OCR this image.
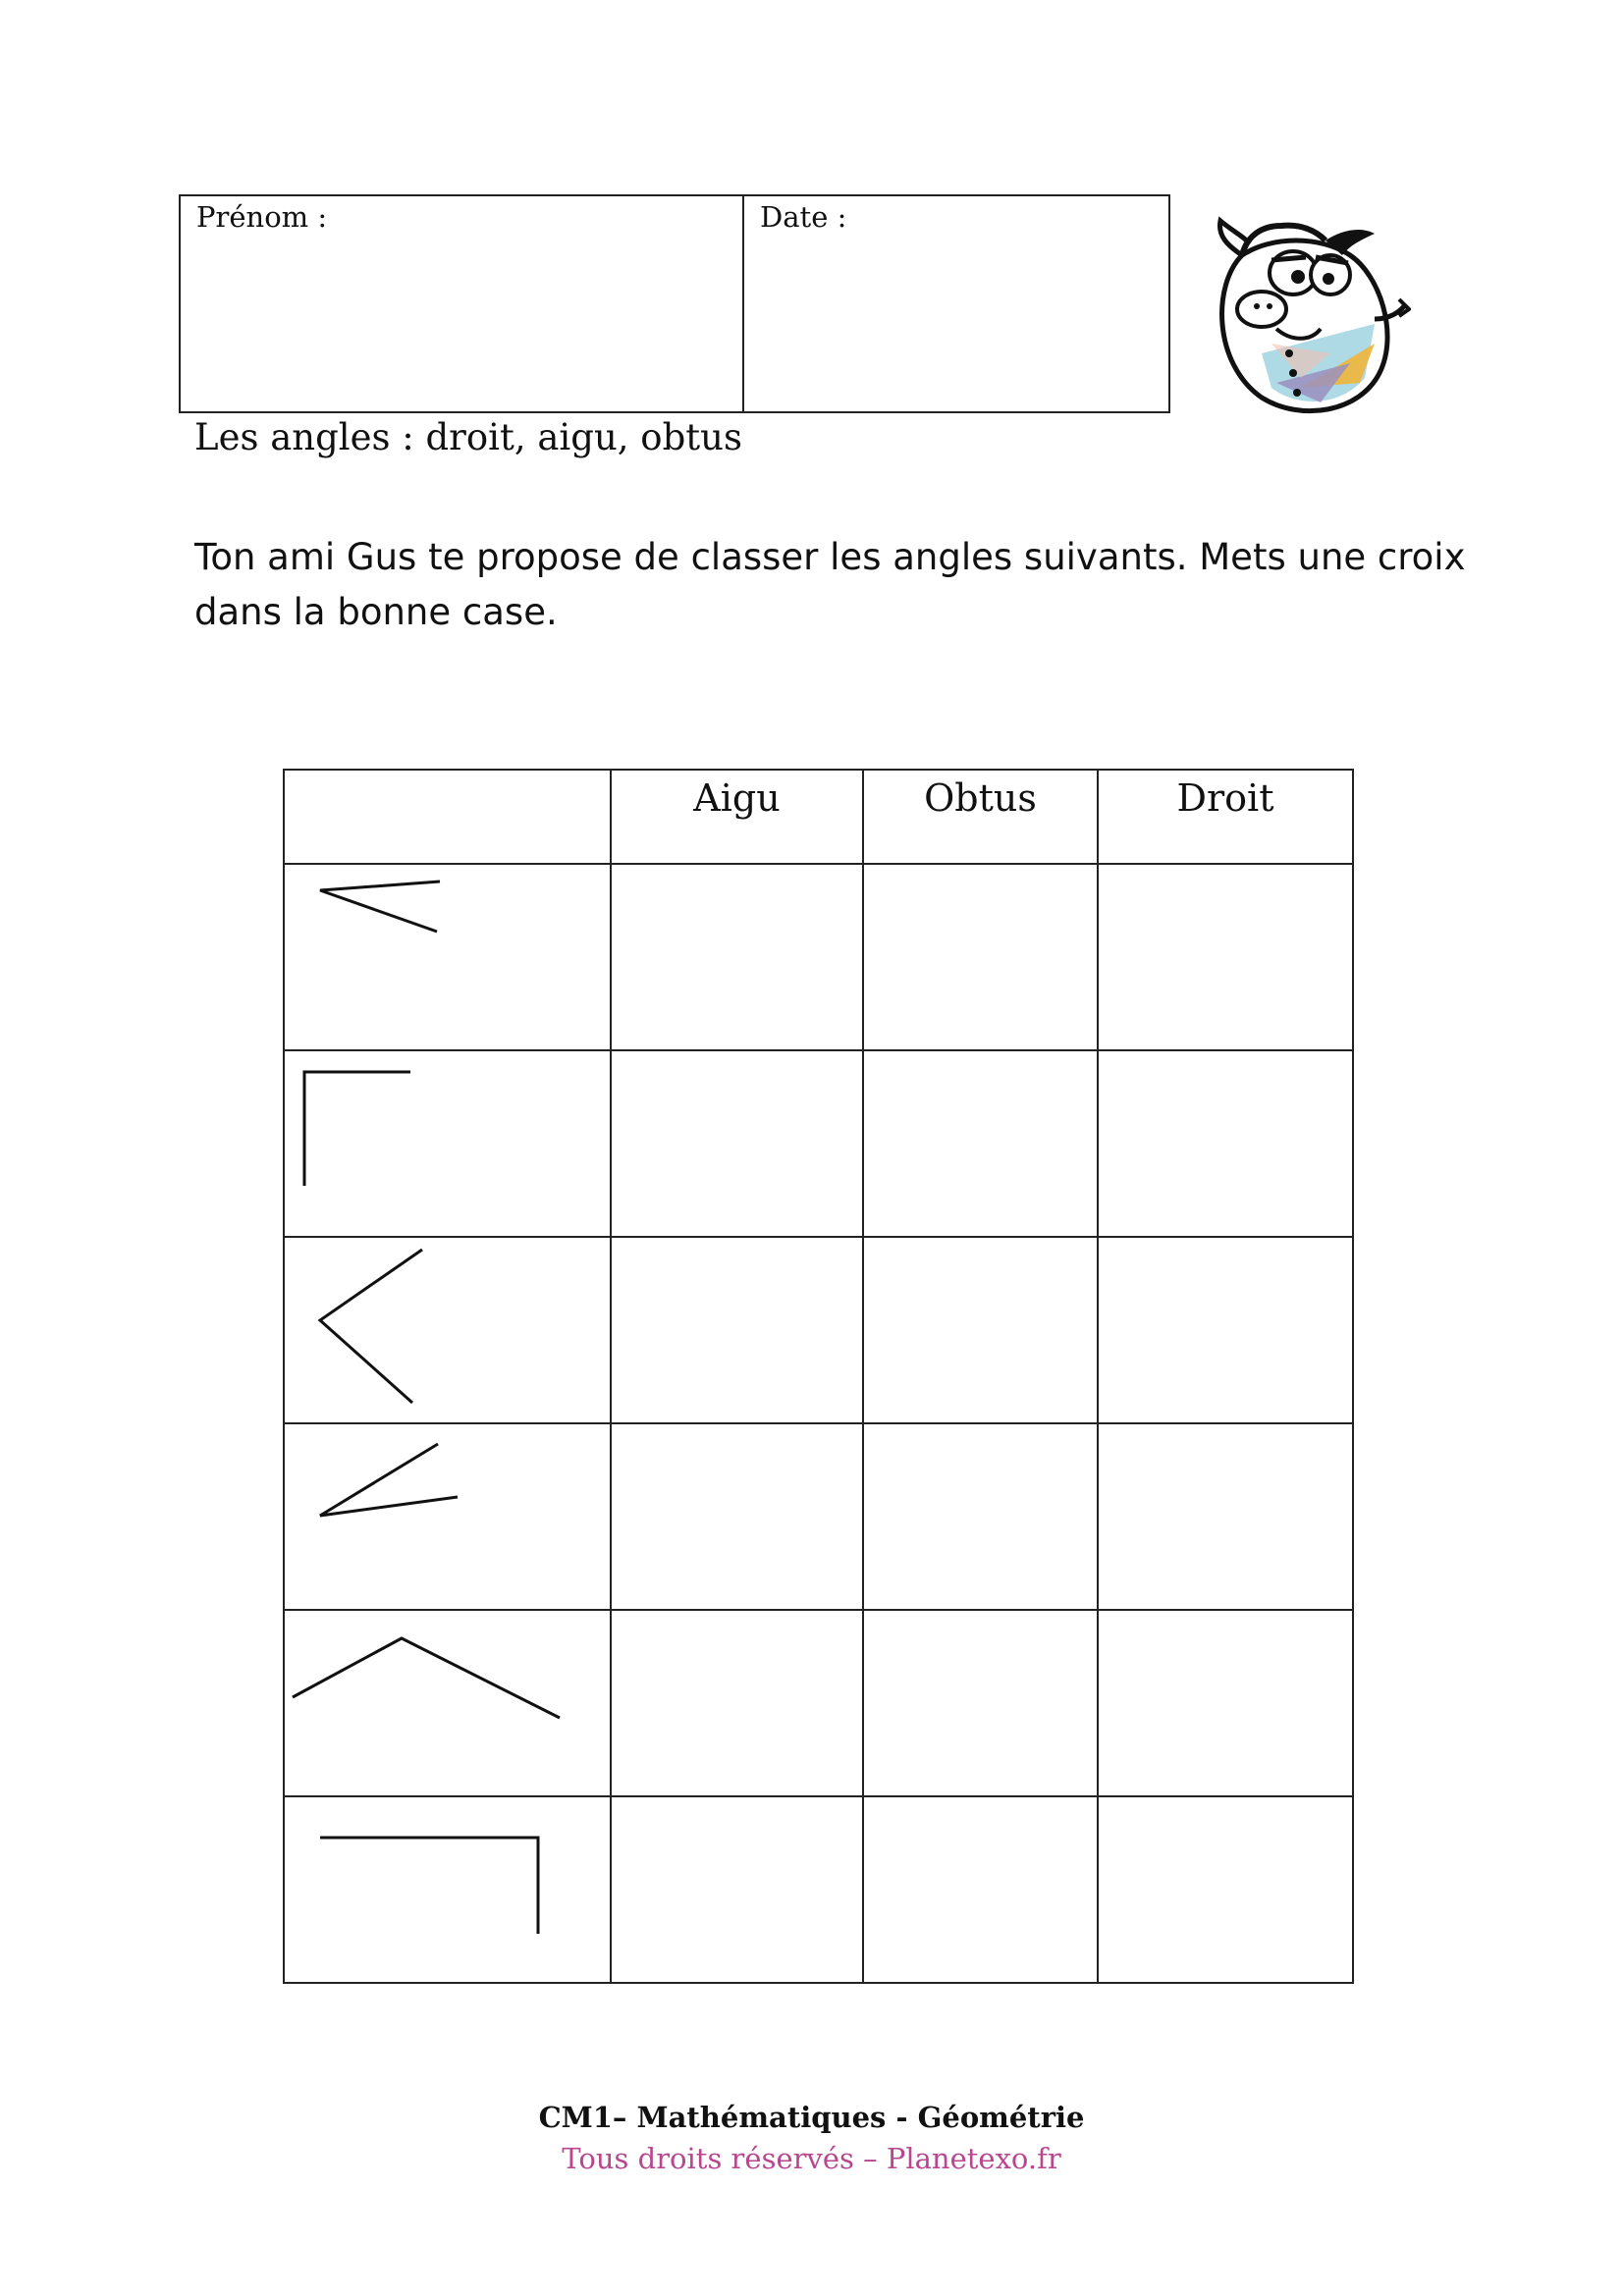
Prénom :	Date :
Les angles : droit, aigu, obtus
Ton ami Gus te propose de classer les angles suivants. Mets une croix dans la bonne case.

	Aigu	Obtus	Droit

CM1– Mathématiques - Géométrie
Tous droits réservés – Planetexo.fr
